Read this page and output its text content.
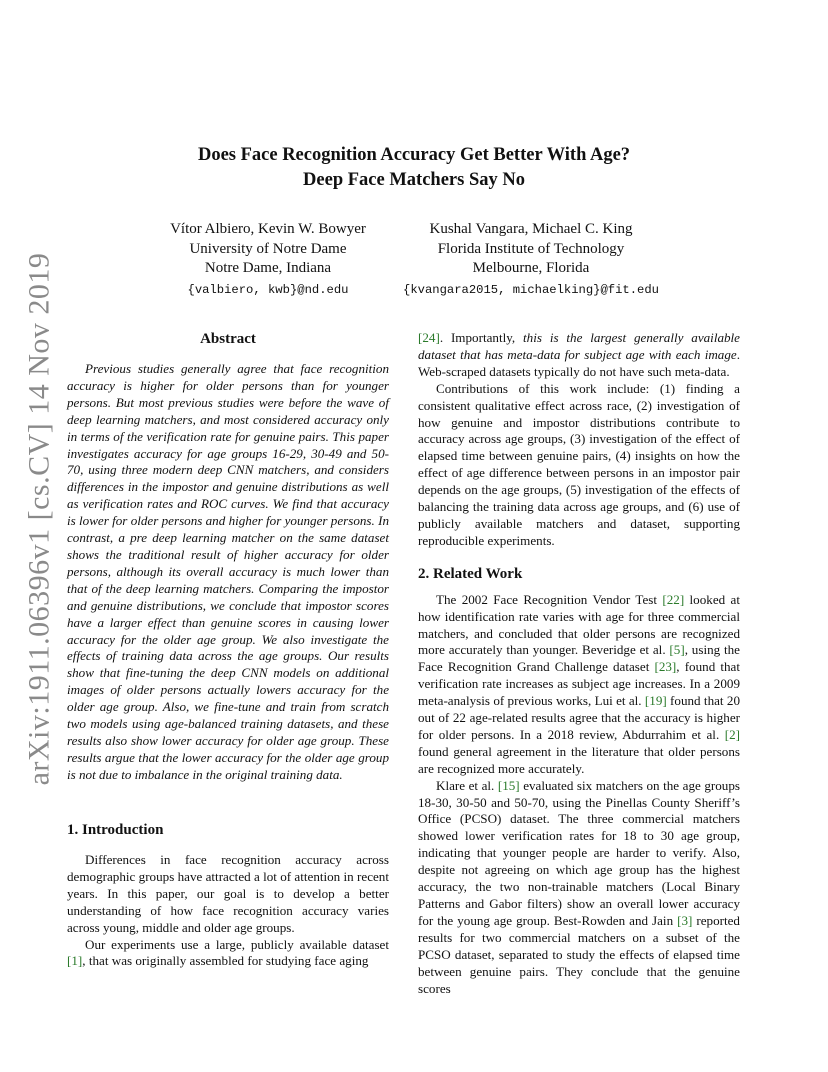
arXiv:1911.06396v1 [cs.CV] 14 Nov 2019
Does Face Recognition Accuracy Get Better With Age?
Deep Face Matchers Say No
Vítor Albiero, Kevin W. Bowyer
University of Notre Dame
Notre Dame, Indiana
{valbiero, kwb}@nd.edu
Kushal Vangara, Michael C. King
Florida Institute of Technology
Melbourne, Florida
{kvangara2015, michaelking}@fit.edu
Abstract

Previous studies generally agree that face recognition accuracy is higher for older persons than for younger persons. But most previous studies were before the wave of deep learning matchers, and most considered accuracy only in terms of the verification rate for genuine pairs. This paper investigates accuracy for age groups 16-29, 30-49 and 50-70, using three modern deep CNN matchers, and considers differences in the impostor and genuine distributions as well as verification rates and ROC curves. We find that accuracy is lower for older persons and higher for younger persons. In contrast, a pre deep learning matcher on the same dataset shows the traditional result of higher accuracy for older persons, although its overall accuracy is much lower than that of the deep learning matchers. Comparing the impostor and genuine distributions, we conclude that impostor scores have a larger effect than genuine scores in causing lower accuracy for the older age group. We also investigate the effects of training data across the age groups. Our results show that fine-tuning the deep CNN models on additional images of older persons actually lowers accuracy for the older age group. Also, we fine-tune and train from scratch two models using age-balanced training datasets, and these results also show lower accuracy for older age group. These results argue that the lower accuracy for the older age group is not due to imbalance in the original training data.

1. Introduction

Differences in face recognition accuracy across demographic groups have attracted a lot of attention in recent years. In this paper, our goal is to develop a better understanding of how face recognition accuracy varies across young, middle and older age groups.

Our experiments use a large, publicly available dataset [1], that was originally assembled for studying face aging

[24]. Importantly, this is the largest generally available dataset that has meta-data for subject age with each image. Web-scraped datasets typically do not have such meta-data.

Contributions of this work include: (1) finding a consistent qualitative effect across race, (2) investigation of how genuine and impostor distributions contribute to accuracy across age groups, (3) investigation of the effect of elapsed time between genuine pairs, (4) insights on how the effect of age difference between persons in an impostor pair depends on the age groups, (5) investigation of the effects of balancing the training data across age groups, and (6) use of publicly available matchers and dataset, supporting reproducible experiments.

2. Related Work

The 2002 Face Recognition Vendor Test [22] looked at how identification rate varies with age for three commercial matchers, and concluded that older persons are recognized more accurately than younger. Beveridge et al. [5], using the Face Recognition Grand Challenge dataset [23], found that verification rate increases as subject age increases. In a 2009 meta-analysis of previous works, Lui et al. [19] found that 20 out of 22 age-related results agree that the accuracy is higher for older persons. In a 2018 review, Abdurrahim et al. [2] found general agreement in the literature that older persons are recognized more accurately.

Klare et al. [15] evaluated six matchers on the age groups 18-30, 30-50 and 50-70, using the Pinellas County Sheriff’s Office (PCSO) dataset. The three commercial matchers showed lower verification rates for 18 to 30 age group, indicating that younger people are harder to verify. Also, despite not agreeing on which age group has the highest accuracy, the two non-trainable matchers (Local Binary Patterns and Gabor filters) show an overall lower accuracy for the young age group. Best-Rowden and Jain [3] reported results for two commercial matchers on a subset of the PCSO dataset, separated to study the effects of elapsed time between genuine pairs. They conclude that the genuine scores
